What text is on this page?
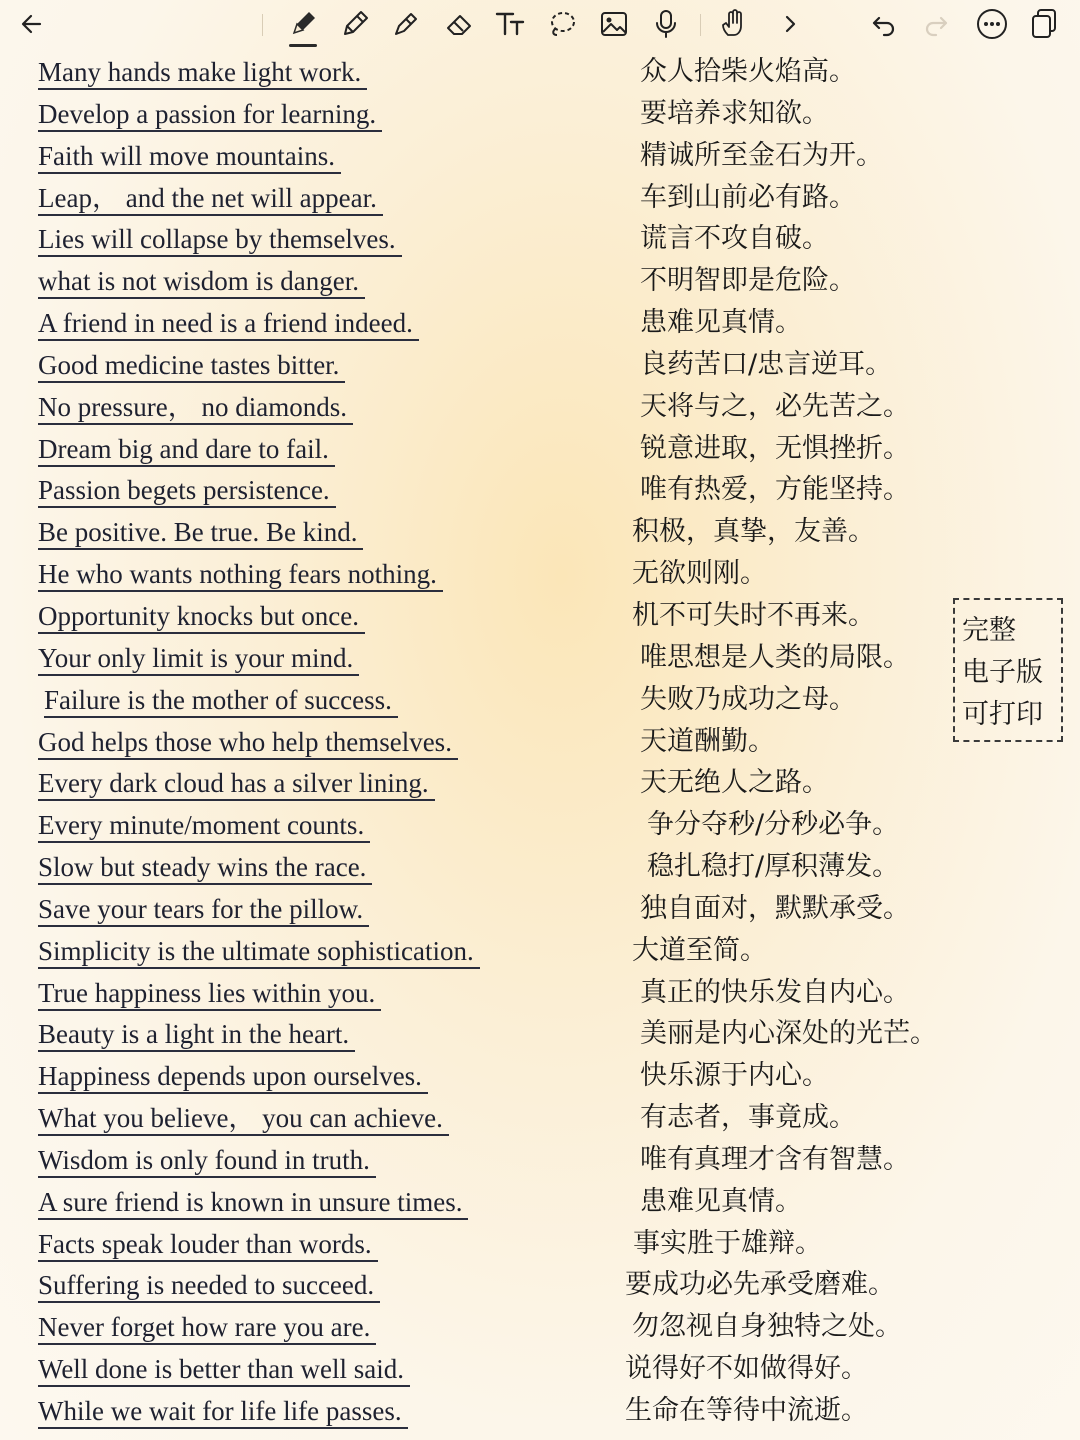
Many hands make light work.	众人拾柴火焰高。
Develop a passion for learning.	要培养求知欲。
Faith will move mountains.	精诚所至金石为开。
Leap， and the net will appear.	车到山前必有路。
Lies will collapse by themselves.	谎言不攻自破。
what is not wisdom is danger.	不明智即是危险。
A friend in need is a friend indeed.	患难见真情。
Good medicine tastes bitter.	良药苦口/忠言逆耳。
No pressure， no diamonds.	天将与之，必先苦之。
Dream big and dare to fail.	锐意进取，无惧挫折。
Passion begets persistence.	唯有热爱，方能坚持。
Be positive. Be true. Be kind.	积极，真挚，友善。
He who wants nothing fears nothing.	无欲则刚。
Opportunity knocks but once.	机不可失时不再来。
Your only limit is your mind.	唯思想是人类的局限。
Failure is the mother of success.	失败乃成功之母。
God helps those who help themselves.	天道酬勤。
Every dark cloud has a silver lining.	天无绝人之路。
Every minute/moment counts.	争分夺秒/分秒必争。
Slow but steady wins the race.	稳扎稳打/厚积薄发。
Save your tears for the pillow.	独自面对，默默承受。
Simplicity is the ultimate sophistication.	大道至简。
True happiness lies within you.	真正的快乐发自内心。
Beauty is a light in the heart.	美丽是内心深处的光芒。
Happiness depends upon ourselves.	快乐源于内心。
What you believe， you can achieve.	有志者，事竟成。
Wisdom is only found in truth.	唯有真理才含有智慧。
A sure friend is known in unsure times.	患难见真情。
Facts speak louder than words.	事实胜于雄辩。
Suffering is needed to succeed.	要成功必先承受磨难。
Never forget how rare you are.	勿忽视自身独特之处。
Well done is better than well said.	说得好不如做得好。
While we wait for life life passes.	生命在等待中流逝。
完整
电子版
可打印
